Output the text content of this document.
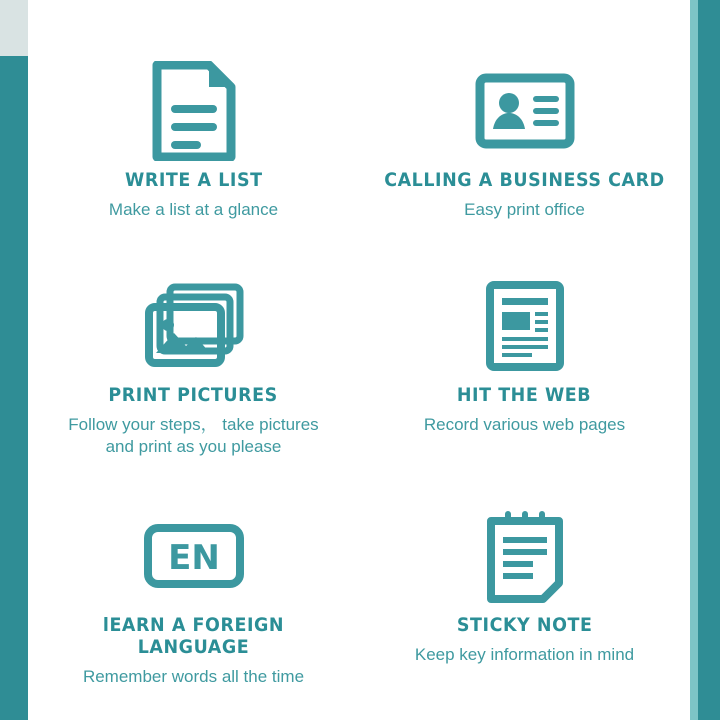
WRITE A LIST
Make a list at a glance
CALLING A BUSINESS CARD
Easy print office
PRINT PICTURES
Follow your steps， take pictures
and print as you please
HIT THE WEB
Record various web pages
EN
lEARN A FOREIGN LANGUAGE
Remember words all the time
STICKY NOTE
Keep key information in mind
